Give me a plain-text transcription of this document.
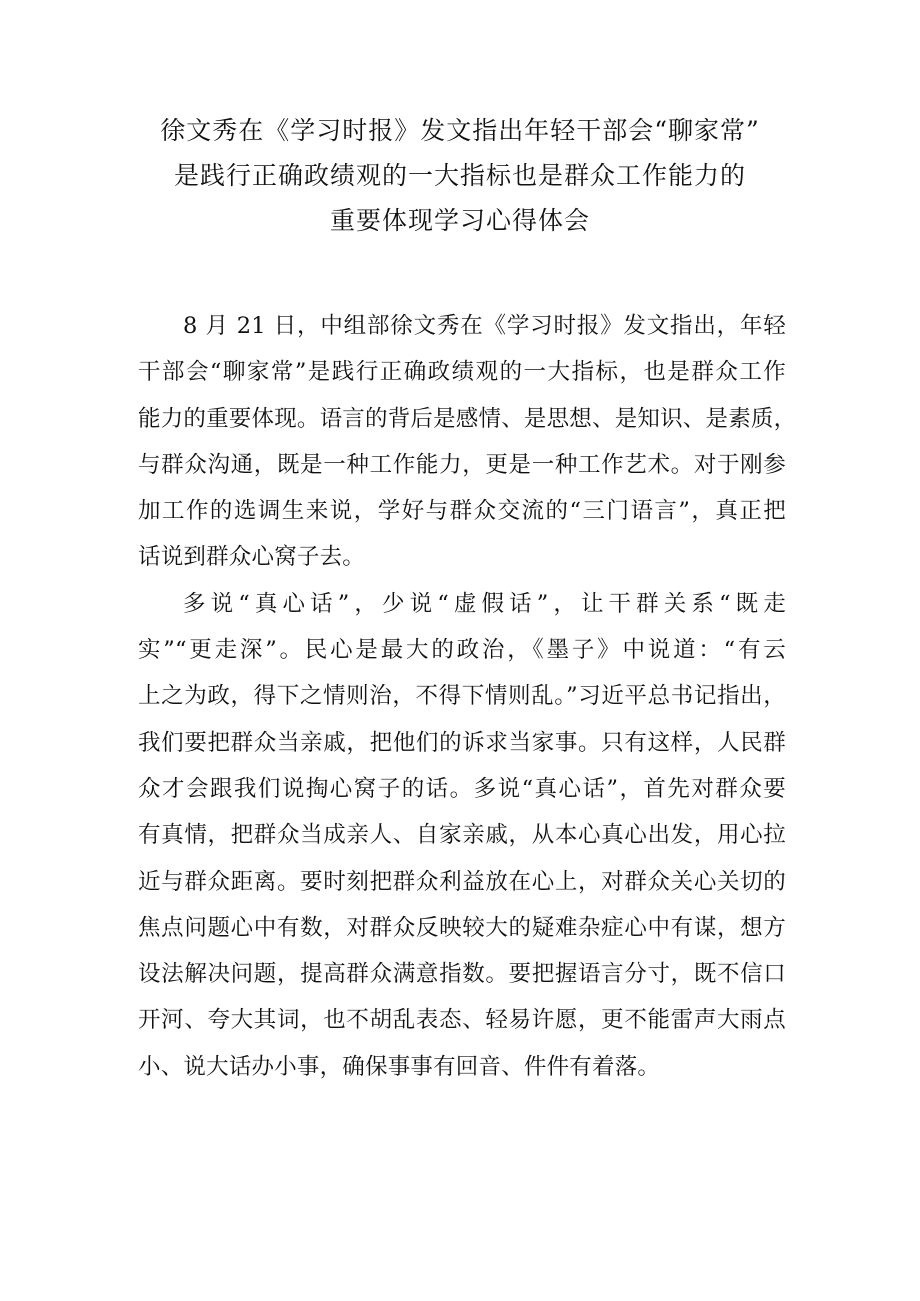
徐文秀在《学习时报》发文指出年轻干部会“聊家常”
是践行正确政绩观的一大指标也是群众工作能力的
重要体现学习心得体会

8 月 21 日，中组部徐文秀在《学习时报》发文指出，年轻
干部会“聊家常”是践行正确政绩观的一大指标，也是群众工作
能力的重要体现。语言的背后是感情、是思想、是知识、是素质，
与群众沟通，既是一种工作能力，更是一种工作艺术。对于刚参
加工作的选调生来说，学好与群众交流的“三门语言”，真正把
话说到群众心窝子去。

多说“真心话”，少说“虚假话”，让干群关系“既走
实”“更走深”。民心是最大的政治，《墨子》中说道：“有云
上之为政，得下之情则治，不得下情则乱。”习近平总书记指出，
我们要把群众当亲戚，把他们的诉求当家事。只有这样，人民群
众才会跟我们说掏心窝子的话。多说“真心话”，首先对群众要
有真情，把群众当成亲人、自家亲戚，从本心真心出发，用心拉
近与群众距离。要时刻把群众利益放在心上，对群众关心关切的
焦点问题心中有数，对群众反映较大的疑难杂症心中有谋，想方
设法解决问题，提高群众满意指数。要把握语言分寸，既不信口
开河、夸大其词，也不胡乱表态、轻易许愿，更不能雷声大雨点
小、说大话办小事，确保事事有回音、件件有着落。
